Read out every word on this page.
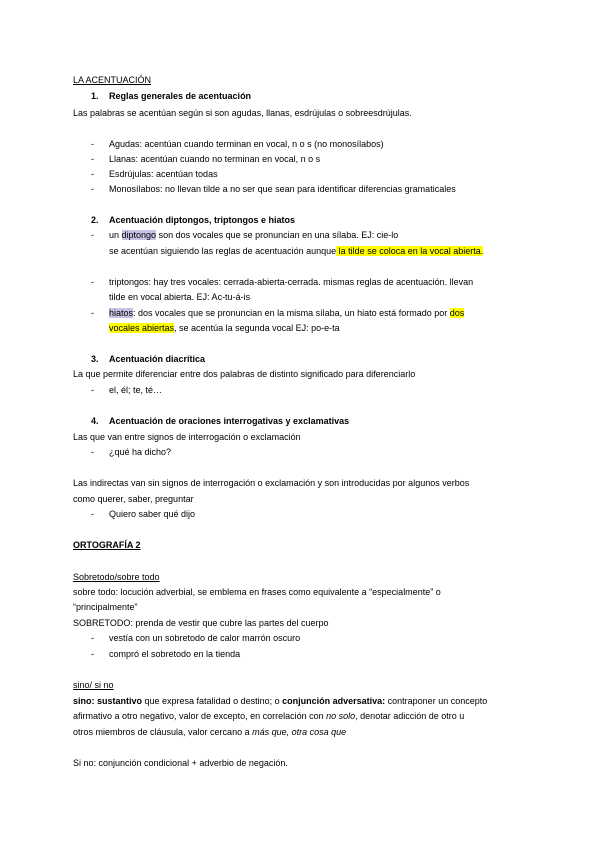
LA ACENTUACIÓN
1. Reglas generales de acentuación
Las palabras se acentúan según si son agudas, llanas, esdrújulas o sobreesdrújulas.
- Agudas: acentúan cuando terminan en vocal, n o s (no monosílabos)
- Llanas: acentúan cuando no terminan en vocal, n o s
- Esdrújulas: acentúan todas
- Monosílabos: no llevan tilde a no ser que sean para identificar diferencias gramaticales
2. Acentuación diptongos, triptongos e hiatos
- un diptongo son dos vocales que se pronuncian en una sílaba. EJ: cie-lo
se acentúan siguiendo las reglas de acentuación aunque la tilde se coloca en la vocal abierta.
- triptongos: hay tres vocales: cerrada-abierta-cerrada. mismas reglas de acentuación. llevan
tilde en vocal abierta. EJ: Ac-tu-á-is
- hiatos: dos vocales que se pronuncian en la misma sílaba, un hiato está formado por dos
vocales abiertas, se acentúa la segunda vocal EJ: po-e-ta
3. Acentuación diacrítica
La que permite diferenciar entre dos palabras de distinto significado para diferenciarlo
- el, él; te, té…
4. Acentuación de oraciones interrogativas y exclamativas
Las que van entre signos de interrogación o exclamación
- ¿qué ha dicho?
Las indirectas van sin signos de interrogación o exclamación y son introducidas por algunos verbos
como querer, saber, preguntar
- Quiero saber qué dijo
ORTOGRAFÍA 2
Sobretodo/sobre todo
sobre todo: locución adverbial, se emblema en frases como equivalente a “especialmente” o
“principalmente”
SOBRETODO: prenda de vestir que cubre las partes del cuerpo
- vestía con un sobretodo de calor marrón oscuro
- compró el sobretodo en la tienda
sino/ si no
sino: sustantivo que expresa fatalidad o destino; o conjunción adversativa: contraponer un concepto
afirmativo a otro negativo, valor de excepto, en correlación con no solo, denotar adicción de otro u
otros miembros de cláusula, valor cercano a más que, otra cosa que
Si no: conjunción condicional + adverbio de negación.
